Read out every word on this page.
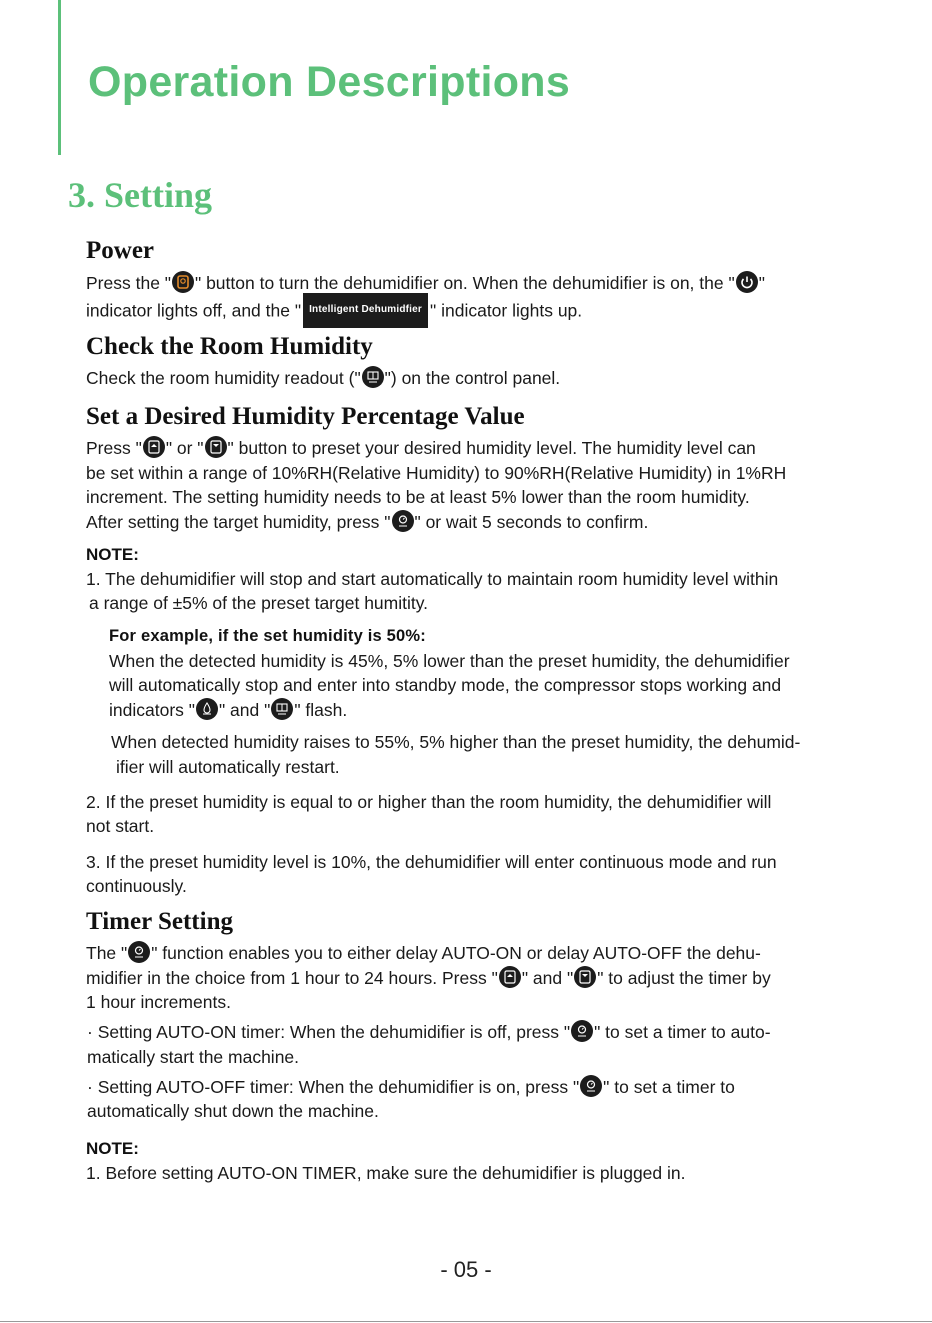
Operation Descriptions
3. Setting
Power

Press the " " button to turn the dehumidifier on. When the dehumidifier is on, the " "

indicator lights off, and the " Intelligent Dehumidfier " indicator lights up.

Check the Room Humidity

Check the room humidity readout (" ") on the control panel.

Set a Desired Humidity Percentage Value

Press " " or " " button to preset your desired humidity level. The humidity level can

be set within a range of 10%RH(Relative Humidity) to 90%RH(Relative Humidity) in 1%RH

increment. The setting humidity needs to be at least 5% lower than the room humidity.

After setting the target humidity, press " " or wait 5 seconds to confirm.

NOTE:

1. The dehumidifier will stop and start automatically to maintain room humidity level within

a range of ±5% of the preset target humitity.

For example, if the set humidity is 50%:

When the detected humidity is 45%, 5% lower than the preset humidity, the dehumidifier

will automatically stop and enter into standby mode, the compressor stops working and

indicators " " and " " flash.

When detected humidity raises to 55%, 5% higher than the preset humidity, the dehumid-

ifier will automatically restart.

2. If the preset humidity is equal to or higher than the room humidity, the dehumidifier will

not start.

3. If the preset humidity level is 10%, the dehumidifier will enter continuous mode and run

continuously.

Timer Setting

The " " function enables you to either delay AUTO-ON or delay AUTO-OFF the dehu-

midifier in the choice from 1 hour to 24 hours. Press " " and " " to adjust the timer by

1 hour increments.

· Setting AUTO-ON timer: When the dehumidifier is off, press " " to set a timer to auto-

matically start the machine.

· Setting AUTO-OFF timer: When the dehumidifier is on, press " " to set a timer to

automatically shut down the machine.

NOTE:

1. Before setting AUTO-ON TIMER, make sure the dehumidifier is plugged in.

- 05 -
